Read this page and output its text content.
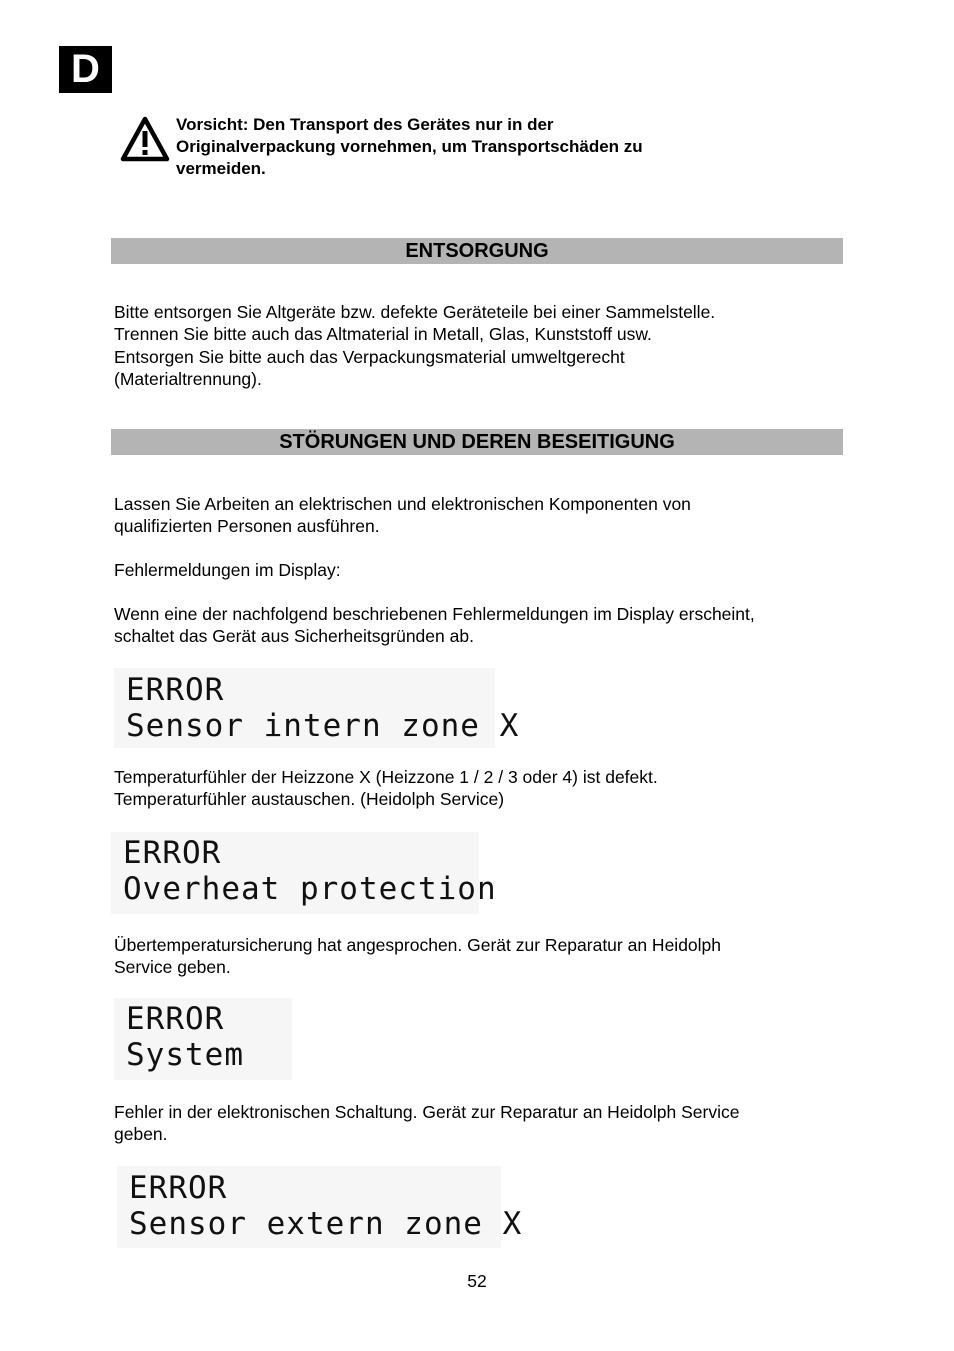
D
Vorsicht: Den Transport des Gerätes nur in der
Originalverpackung vornehmen, um Transportschäden zu
vermeiden.
ENTSORGUNG
Bitte entsorgen Sie Altgeräte bzw. defekte Geräteteile bei einer Sammelstelle.
Trennen Sie bitte auch das Altmaterial in Metall, Glas, Kunststoff usw.
Entsorgen Sie bitte auch das Verpackungsmaterial umweltgerecht
(Materialtrennung).
STÖRUNGEN UND DEREN BESEITIGUNG
Lassen Sie Arbeiten an elektrischen und elektronischen Komponenten von
qualifizierten Personen ausführen.
Fehlermeldungen im Display:
Wenn eine der nachfolgend beschriebenen Fehlermeldungen im Display erscheint,
schaltet das Gerät aus Sicherheitsgründen ab.
ERROR
Sensor intern zone X
Temperaturfühler der Heizzone X (Heizzone 1 / 2 / 3 oder 4) ist defekt.
Temperaturfühler austauschen. (Heidolph Service)
ERROR
Overheat protection
Übertemperatursicherung hat angesprochen. Gerät zur Reparatur an Heidolph
Service geben.
ERROR
System
Fehler in der elektronischen Schaltung. Gerät zur Reparatur an Heidolph Service
geben.
ERROR
Sensor extern zone X
52
